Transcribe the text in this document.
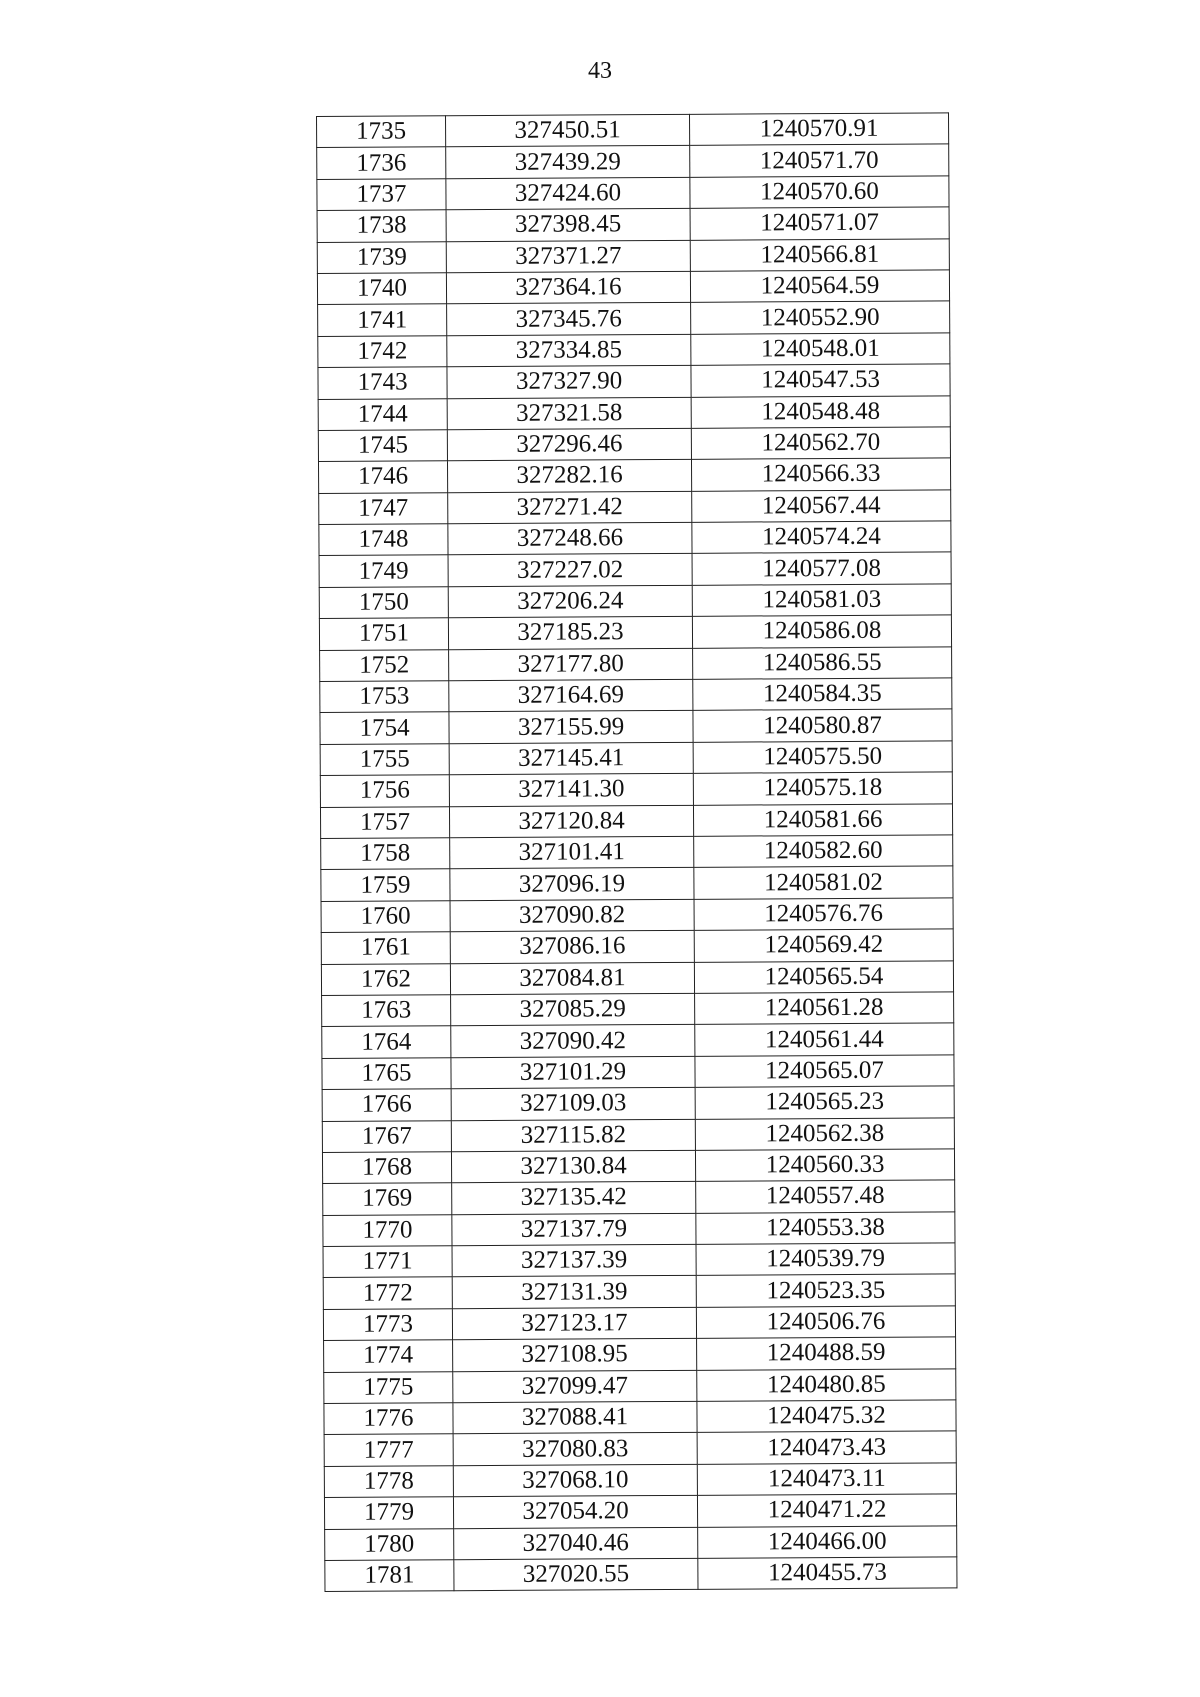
43
1735	327450.51	1240570.91
1736	327439.29	1240571.70
1737	327424.60	1240570.60
1738	327398.45	1240571.07
1739	327371.27	1240566.81
1740	327364.16	1240564.59
1741	327345.76	1240552.90
1742	327334.85	1240548.01
1743	327327.90	1240547.53
1744	327321.58	1240548.48
1745	327296.46	1240562.70
1746	327282.16	1240566.33
1747	327271.42	1240567.44
1748	327248.66	1240574.24
1749	327227.02	1240577.08
1750	327206.24	1240581.03
1751	327185.23	1240586.08
1752	327177.80	1240586.55
1753	327164.69	1240584.35
1754	327155.99	1240580.87
1755	327145.41	1240575.50
1756	327141.30	1240575.18
1757	327120.84	1240581.66
1758	327101.41	1240582.60
1759	327096.19	1240581.02
1760	327090.82	1240576.76
1761	327086.16	1240569.42
1762	327084.81	1240565.54
1763	327085.29	1240561.28
1764	327090.42	1240561.44
1765	327101.29	1240565.07
1766	327109.03	1240565.23
1767	327115.82	1240562.38
1768	327130.84	1240560.33
1769	327135.42	1240557.48
1770	327137.79	1240553.38
1771	327137.39	1240539.79
1772	327131.39	1240523.35
1773	327123.17	1240506.76
1774	327108.95	1240488.59
1775	327099.47	1240480.85
1776	327088.41	1240475.32
1777	327080.83	1240473.43
1778	327068.10	1240473.11
1779	327054.20	1240471.22
1780	327040.46	1240466.00
1781	327020.55	1240455.73
